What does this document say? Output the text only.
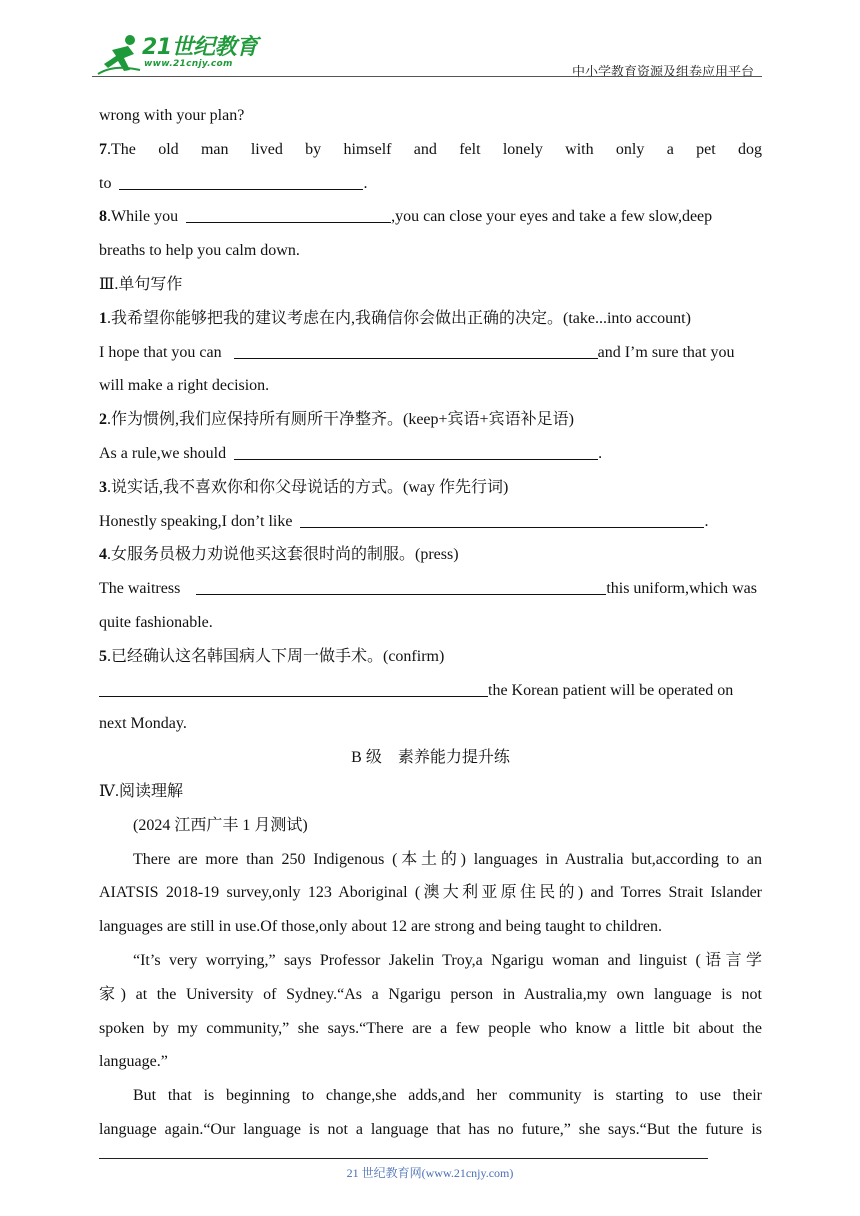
21世纪教育
www.21cnjy.com
中小学教育资源及组卷应用平台
wrong with your plan?
7.The old man lived by himself and felt lonely with only a pet dog
to	.
8.While you	,you can close your eyes and take a few slow,deep
breaths to help you calm down.
Ⅲ.单句写作
1.我希望你能够把我的建议考虑在内,我确信你会做出正确的决定。(take...into account)
I hope that you can	and I’m sure that you
will make a right decision.
2.作为惯例,我们应保持所有厕所干净整齐。(keep+宾语+宾语补足语)
As a rule,we should	.
3.说实话,我不喜欢你和你父母说话的方式。(way 作先行词)
Honestly speaking,I don’t like	.
4.女服务员极力劝说他买这套很时尚的制服。(press)
The waitress	this uniform,which was
quite fashionable.
5.已经确认这名韩国病人下周一做手术。(confirm)
the Korean patient will be operated on
next Monday.
B 级　素养能力提升练
Ⅳ.阅读理解
(2024 江西广丰 1 月测试)
There are more than 250 Indigenous (本土的) languages in Australia but,according to an
AIATSIS 2018-19 survey,only 123 Aboriginal (澳大利亚原住民的) and Torres Strait Islander
languages are still in use.Of those,only about 12 are strong and being taught to children.
“It’s very worrying,” says Professor Jakelin Troy,a Ngarigu woman and linguist (语言学
家) at the University of Sydney.“As a Ngarigu person in Australia,my own language is not
spoken by my community,” she says.“There are a few people who know a little bit about the
language.”
But that is beginning to change,she adds,and her community is starting to use their
language again.“Our language is not a language that has no future,” she says.“But the future is
21 世纪教育网(www.21cnjy.com)
